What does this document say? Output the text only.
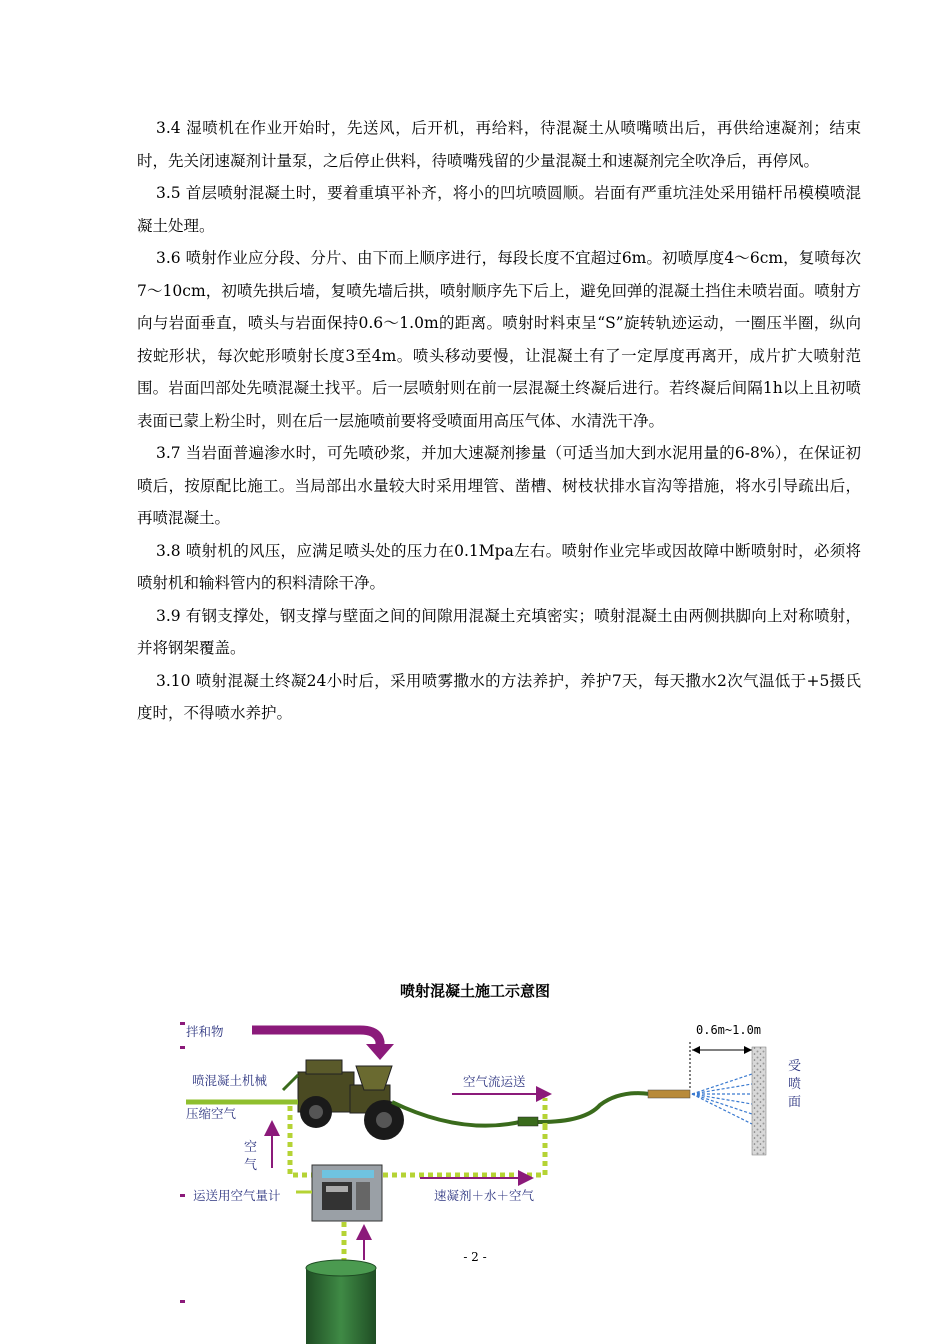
3.4 湿喷机在作业开始时，先送风，后开机，再给料，待混凝土从喷嘴喷出后，再供给速凝剂；结束时，先关闭速凝剂计量泵，之后停止供料，待喷嘴残留的少量混凝土和速凝剂完全吹净后，再停风。

3.5 首层喷射混凝土时，要着重填平补齐，将小的凹坑喷圆顺。岩面有严重坑洼处采用锚杆吊模模喷混凝土处理。

3.6 喷射作业应分段、分片、由下而上顺序进行，每段长度不宜超过6m。初喷厚度4～6cm，复喷每次7～10cm，初喷先拱后墙，复喷先墙后拱，喷射顺序先下后上，避免回弹的混凝土挡住未喷岩面。喷射方向与岩面垂直，喷头与岩面保持0.6～1.0m的距离。喷射时料束呈“S”旋转轨迹运动，一圈压半圈，纵向按蛇形状，每次蛇形喷射长度3至4m。喷头移动要慢，让混凝土有了一定厚度再离开，成片扩大喷射范围。岩面凹部处先喷混凝土找平。后一层喷射则在前一层混凝土终凝后进行。若终凝后间隔1h以上且初喷表面已蒙上粉尘时，则在后一层施喷前要将受喷面用高压气体、水清洗干净。

3.7 当岩面普遍渗水时，可先喷砂浆，并加大速凝剂掺量（可适当加大到水泥用量的6-8%），在保证初喷后，按原配比施工。当局部出水量较大时采用埋管、凿槽、树枝状排水盲沟等措施，将水引导疏出后，再喷混凝土。

3.8 喷射机的风压，应满足喷头处的压力在0.1Mpa左右。喷射作业完毕或因故障中断喷射时，必须将喷射机和输料管内的积料清除干净。

3.9 有钢支撑处，钢支撑与壁面之间的间隙用混凝土充填密实；喷射混凝土由两侧拱脚向上对称喷射，并将钢架覆盖。

3.10 喷射混凝土终凝24小时后，采用喷雾撒水的方法养护，养护7天，每天撒水2次气温低于+5摄氏度时，不得喷水养护。

喷射混凝土施工示意图
拌和物
喷混凝土机械
压缩空气
空
气
运送用空气量计
空气流运送
速凝剂＋水＋空气
0.6m~1.0m
受喷面
- 2 -
